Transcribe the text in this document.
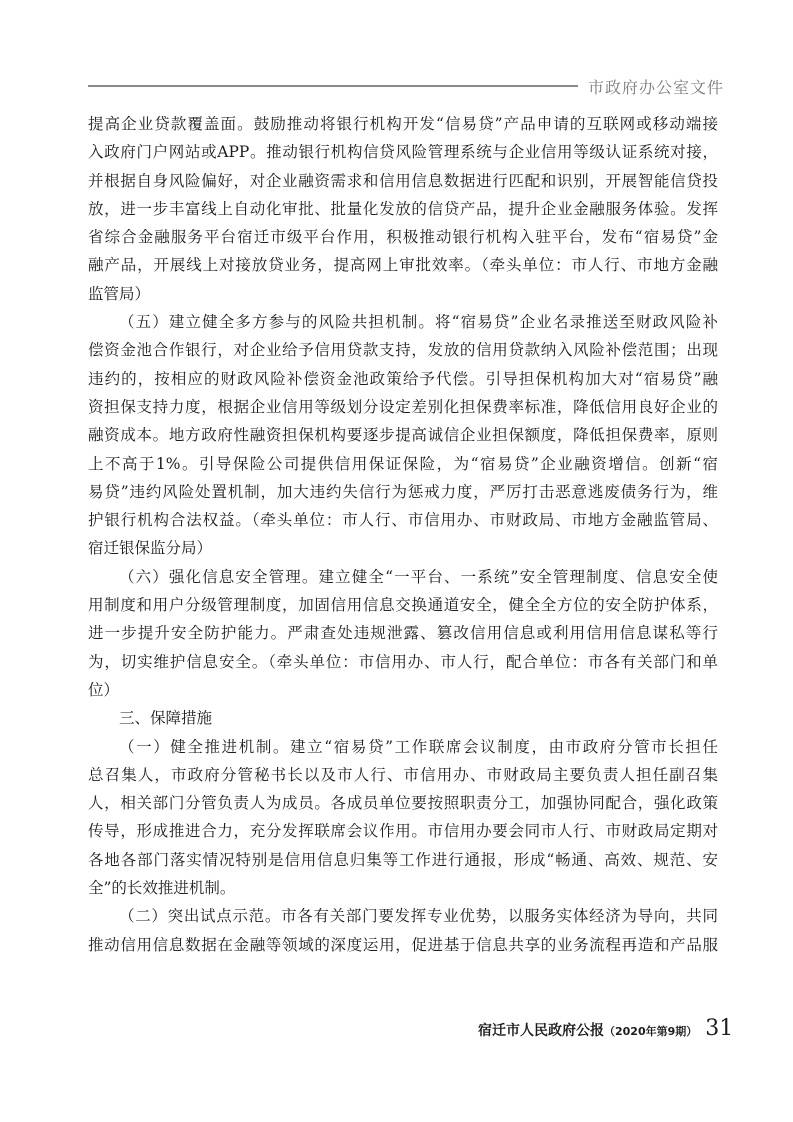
市政府办公室文件
提高企业贷款覆盖面。鼓励推动将银行机构开发“信易贷”产品申请的互联网或移动端接
入政府门户网站或APP。推动银行机构信贷风险管理系统与企业信用等级认证系统对接，
并根据自身风险偏好，对企业融资需求和信用信息数据进行匹配和识别，开展智能信贷投
放，进一步丰富线上自动化审批、批量化发放的信贷产品，提升企业金融服务体验。发挥
省综合金融服务平台宿迁市级平台作用，积极推动银行机构入驻平台，发布“宿易贷”金
融产品，开展线上对接放贷业务，提高网上审批效率。（牵头单位：市人行、市地方金融
监管局）
（五）建立健全多方参与的风险共担机制。将“宿易贷”企业名录推送至财政风险补
偿资金池合作银行，对企业给予信用贷款支持，发放的信用贷款纳入风险补偿范围；出现
违约的，按相应的财政风险补偿资金池政策给予代偿。引导担保机构加大对“宿易贷”融
资担保支持力度，根据企业信用等级划分设定差别化担保费率标准，降低信用良好企业的
融资成本。地方政府性融资担保机构要逐步提高诚信企业担保额度，降低担保费率，原则
上不高于1%。引导保险公司提供信用保证保险，为“宿易贷”企业融资增信。创新“宿
易贷”违约风险处置机制，加大违约失信行为惩戒力度，严厉打击恶意逃废债务行为，维
护银行机构合法权益。（牵头单位：市人行、市信用办、市财政局、市地方金融监管局、
宿迁银保监分局）
（六）强化信息安全管理。建立健全“一平台、一系统”安全管理制度、信息安全使
用制度和用户分级管理制度，加固信用信息交换通道安全，健全全方位的安全防护体系，
进一步提升安全防护能力。严肃查处违规泄露、篡改信用信息或利用信用信息谋私等行
为，切实维护信息安全。（牵头单位：市信用办、市人行，配合单位：市各有关部门和单
位）
三、保障措施
（一）健全推进机制。建立“宿易贷”工作联席会议制度，由市政府分管市长担任
总召集人，市政府分管秘书长以及市人行、市信用办、市财政局主要负责人担任副召集
人，相关部门分管负责人为成员。各成员单位要按照职责分工，加强协同配合，强化政策
传导，形成推进合力，充分发挥联席会议作用。市信用办要会同市人行、市财政局定期对
各地各部门落实情况特别是信用信息归集等工作进行通报，形成“畅通、高效、规范、安
全”的长效推进机制。
（二）突出试点示范。市各有关部门要发挥专业优势，以服务实体经济为导向，共同
推动信用信息数据在金融等领域的深度运用，促进基于信息共享的业务流程再造和产品服
宿迁市人民政府公报 （2020年第9期） 31
